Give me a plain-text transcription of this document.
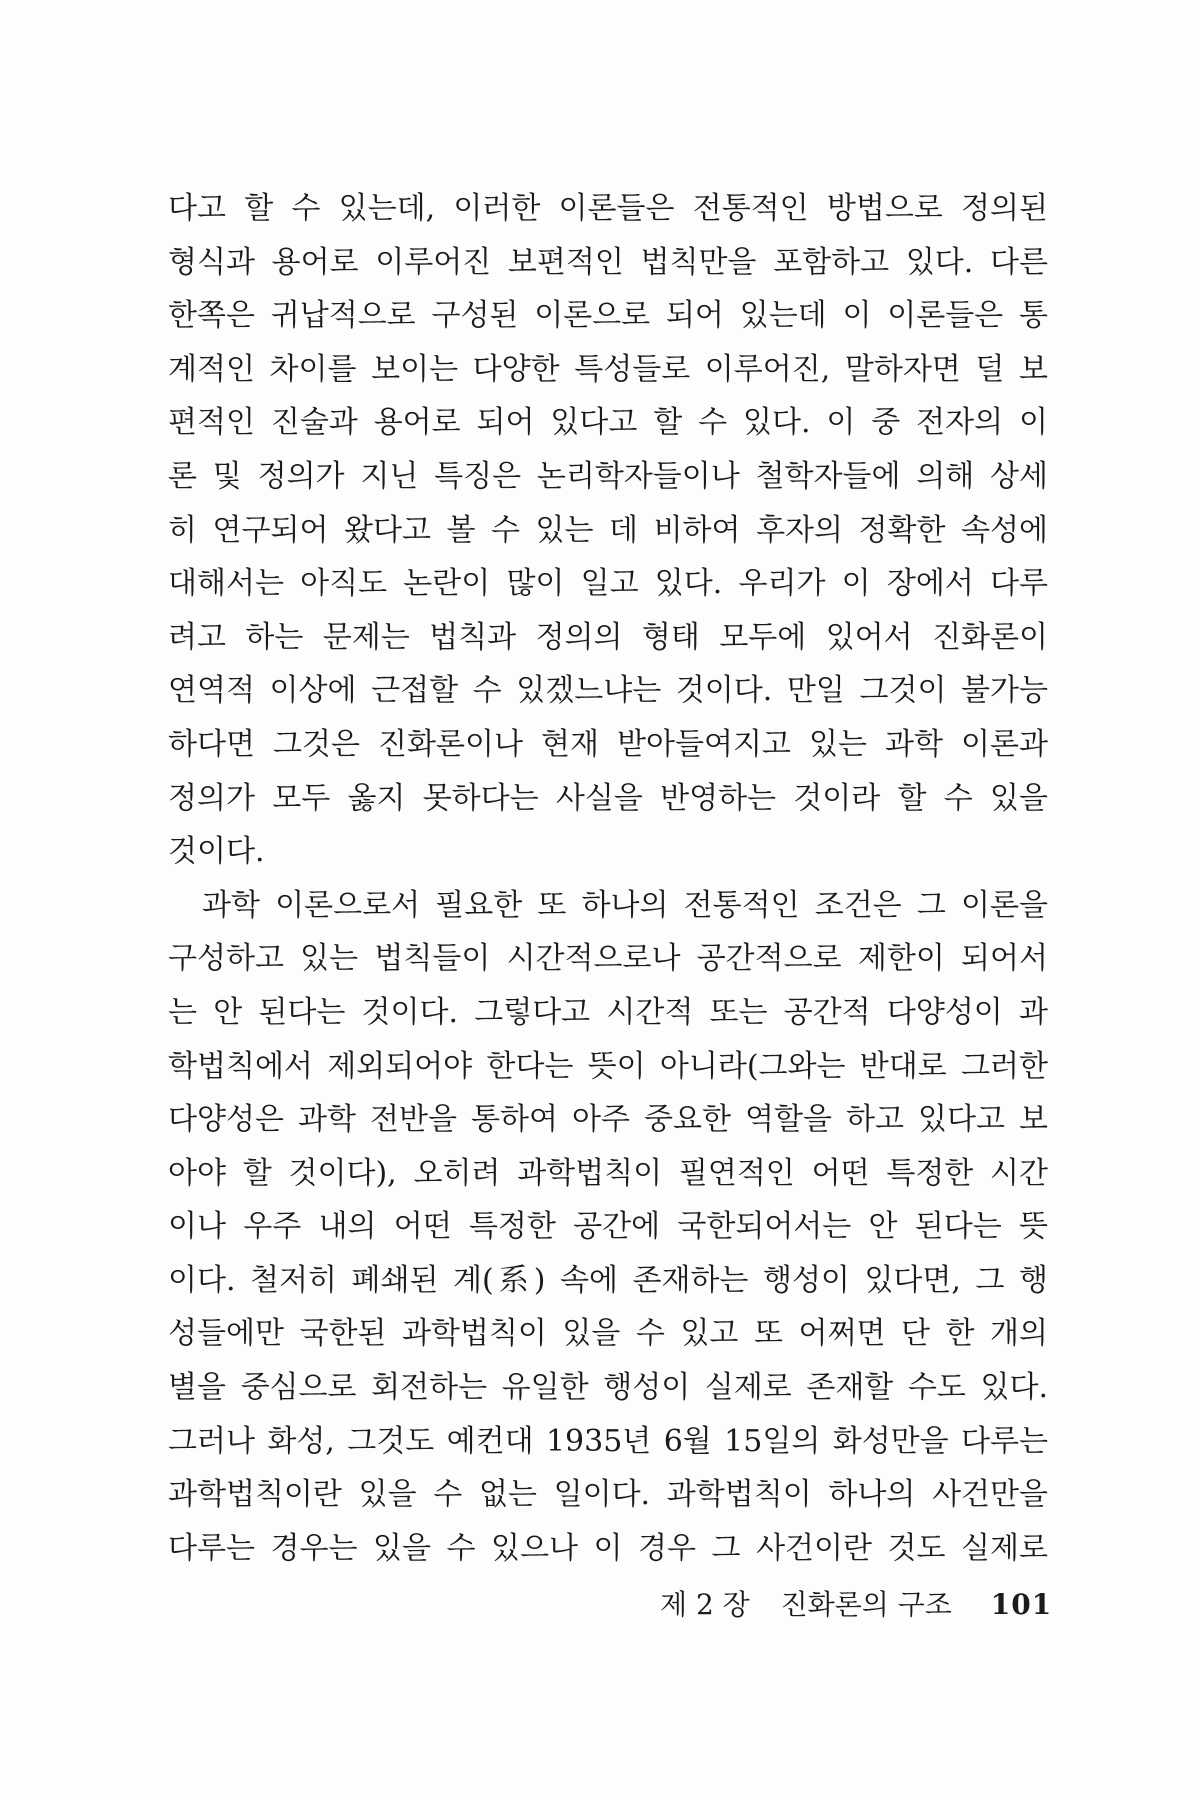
다고 할 수 있는데, 이러한 이론들은 전통적인 방법으로 정의된
형식과 용어로 이루어진 보편적인 법칙만을 포함하고 있다. 다른
한쪽은 귀납적으로 구성된 이론으로 되어 있는데 이 이론들은 통
계적인 차이를 보이는 다양한 특성들로 이루어진, 말하자면 덜 보
편적인 진술과 용어로 되어 있다고 할 수 있다. 이 중 전자의 이
론 및 정의가 지닌 특징은 논리학자들이나 철학자들에 의해 상세
히 연구되어 왔다고 볼 수 있는 데 비하여 후자의 정확한 속성에
대해서는 아직도 논란이 많이 일고 있다. 우리가 이 장에서 다루
려고 하는 문제는 법칙과 정의의 형태 모두에 있어서 진화론이
연역적 이상에 근접할 수 있겠느냐는 것이다. 만일 그것이 불가능
하다면 그것은 진화론이나 현재 받아들여지고 있는 과학 이론과
정의가 모두 옳지 못하다는 사실을 반영하는 것이라 할 수 있을
것이다.
과학 이론으로서 필요한 또 하나의 전통적인 조건은 그 이론을
구성하고 있는 법칙들이 시간적으로나 공간적으로 제한이 되어서
는 안 된다는 것이다. 그렇다고 시간적 또는 공간적 다양성이 과
학법칙에서 제외되어야 한다는 뜻이 아니라(그와는 반대로 그러한
다양성은 과학 전반을 통하여 아주 중요한 역할을 하고 있다고 보
아야 할 것이다), 오히려 과학법칙이 필연적인 어떤 특정한 시간
이나 우주 내의 어떤 특정한 공간에 국한되어서는 안 된다는 뜻
이다. 철저히 폐쇄된 계(系) 속에 존재하는 행성이 있다면, 그 행
성들에만 국한된 과학법칙이 있을 수 있고 또 어쩌면 단 한 개의
별을 중심으로 회전하는 유일한 행성이 실제로 존재할 수도 있다.
그러나 화성, 그것도 예컨대 1935년 6월 15일의 화성만을 다루는
과학법칙이란 있을 수 없는 일이다. 과학법칙이 하나의 사건만을
다루는 경우는 있을 수 있으나 이 경우 그 사건이란 것도 실제로
제 2 장 진화론의 구조 101
